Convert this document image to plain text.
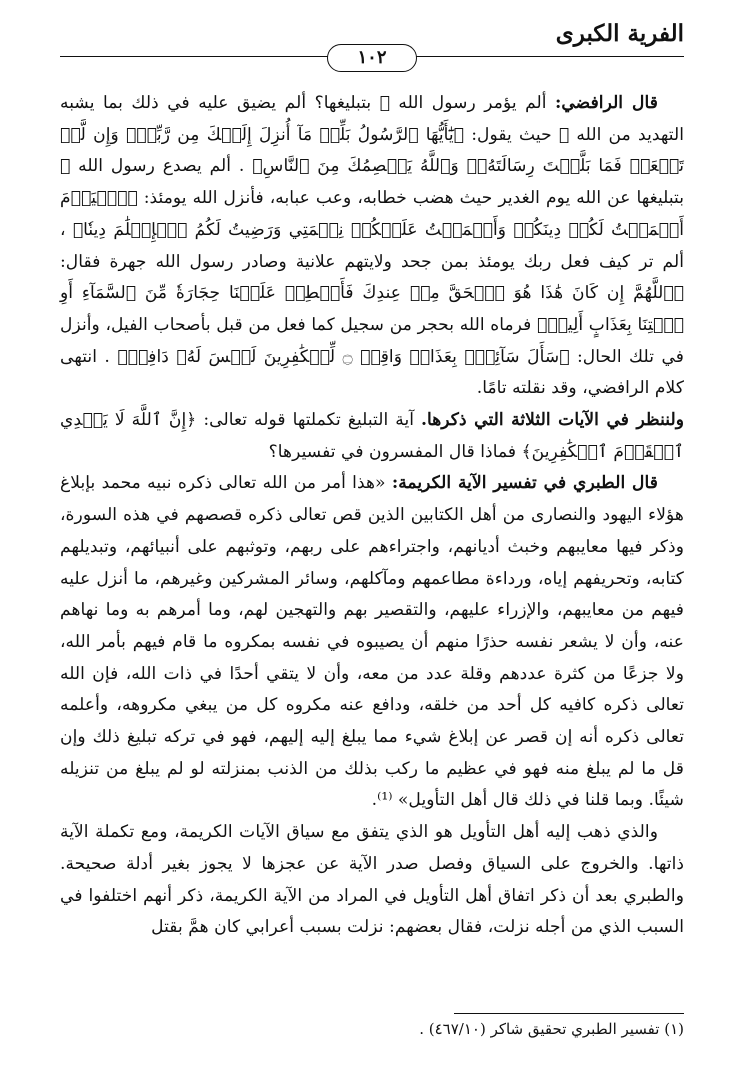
الفرية الكبرى
١٠٢

قال الرافضي: ألم يؤمر رسول الله ﷺ بتبليغها؟ ألم يضيق عليه في ذلك بما يشبه التهديد من الله ﷻ حيث يقول: ﴿يَٰٓأَيُّهَا ٱلرَّسُولُ بَلِّغۡ مَآ أُنزِلَ إِلَيۡكَ مِن رَّبِّكَۖ وَإِن لَّمۡ تَفۡعَلۡ فَمَا بَلَّغۡتَ رِسَالَتَهُۥۚ وَٱللَّهُ يَعۡصِمُكَ مِنَ ٱلنَّاسِ﴾ . ألم يصدع رسول الله ﷺ بتبليغها عن الله يوم الغدير حيث هضب خطابه، وعب عبابه، فأنزل الله يومئذ: ﴿ٱلۡيَوۡمَ أَكۡمَلۡتُ لَكُمۡ دِينَكُمۡ وَأَتۡمَمۡتُ عَلَيۡكُمۡ نِعۡمَتِي وَرَضِيتُ لَكُمُ ٱلۡإِسۡلَٰمَ دِينٗا﴾ ، ألم تر كيف فعل ربك يومئذ بمن جحد ولايتهم علانية وصادر رسول الله جهرة فقال: ﴿ٱللَّهُمَّ إِن كَانَ هَٰذَا هُوَ ٱلۡحَقَّ مِنۡ عِندِكَ فَأَمۡطِرۡ عَلَيۡنَا حِجَارَةٗ مِّنَ ٱلسَّمَآءِ أَوِ ٱئۡتِنَا بِعَذَابٍ أَلِيمٖ﴾ فرماه الله بحجر من سجيل كما فعل من قبل بأصحاب الفيل، وأنزل في تلك الحال: ﴿سَأَلَ سَآئِلُۢ بِعَذَابٖ وَاقِعٖ ۝ لِّلۡكَٰفِرِينَ لَيۡسَ لَهُۥ دَافِعٞ﴾ . انتهى كلام الرافضي، وقد نقلته تامًا.

ولننظر في الآيات الثلاثة التي ذكرها. آية التبليغ تكملتها قوله تعالى: ﴿إِنَّ ٱللَّهَ لَا يَهۡدِي ٱلۡقَوۡمَ ٱلۡكَٰفِرِينَ﴾ فماذا قال المفسرون في تفسيرها؟

قال الطبري في تفسير الآية الكريمة: «هذا أمر من الله تعالى ذكره نبيه محمد بإبلاغ هؤلاء اليهود والنصارى من أهل الكتابين الذين قص تعالى ذكره قصصهم في هذه السورة، وذكر فيها معايبهم وخبث أديانهم، واجتراءهم على ربهم، وتوثبهم على أنبيائهم، وتبديلهم كتابه، وتحريفهم إياه، ورداءة مطاعمهم ومآكلهم، وسائر المشركين وغيرهم، ما أنزل عليه فيهم من معايبهم، والإزراء عليهم، والتقصير بهم والتهجين لهم، وما أمرهم به وما نهاهم عنه، وأن لا يشعر نفسه حذرًا منهم أن يصيبوه في نفسه بمكروه ما قام فيهم بأمر الله، ولا جزعًا من كثرة عددهم وقلة عدد من معه، وأن لا يتقي أحدًا في ذات الله، فإن الله تعالى ذكره كافيه كل أحد من خلقه، ودافع عنه مكروه كل من يبغي مكروهه، وأعلمه تعالى ذكره أنه إن قصر عن إبلاغ شيء مما يبلغ إليه إليهم، فهو في تركه تبليغ ذلك وإن قل ما لم يبلغ منه فهو في عظيم ما ركب بذلك من الذنب بمنزلته لو لم يبلغ من تنزيله شيئًا. وبما قلنا في ذلك قال أهل التأويل» ⁽¹⁾.

والذي ذهب إليه أهل التأويل هو الذي يتفق مع سياق الآيات الكريمة، ومع تكملة الآية ذاتها. والخروج على السياق وفصل صدر الآية عن عجزها لا يجوز بغير أدلة صحيحة. والطبري بعد أن ذكر اتفاق أهل التأويل في المراد من الآية الكريمة، ذكر أنهم اختلفوا في السبب الذي من أجله نزلت، فقال بعضهم: نزلت بسبب أعرابي كان همَّ بقتل

(١) تفسير الطبري تحقيق شاكر (٤٦٧/١٠) .
